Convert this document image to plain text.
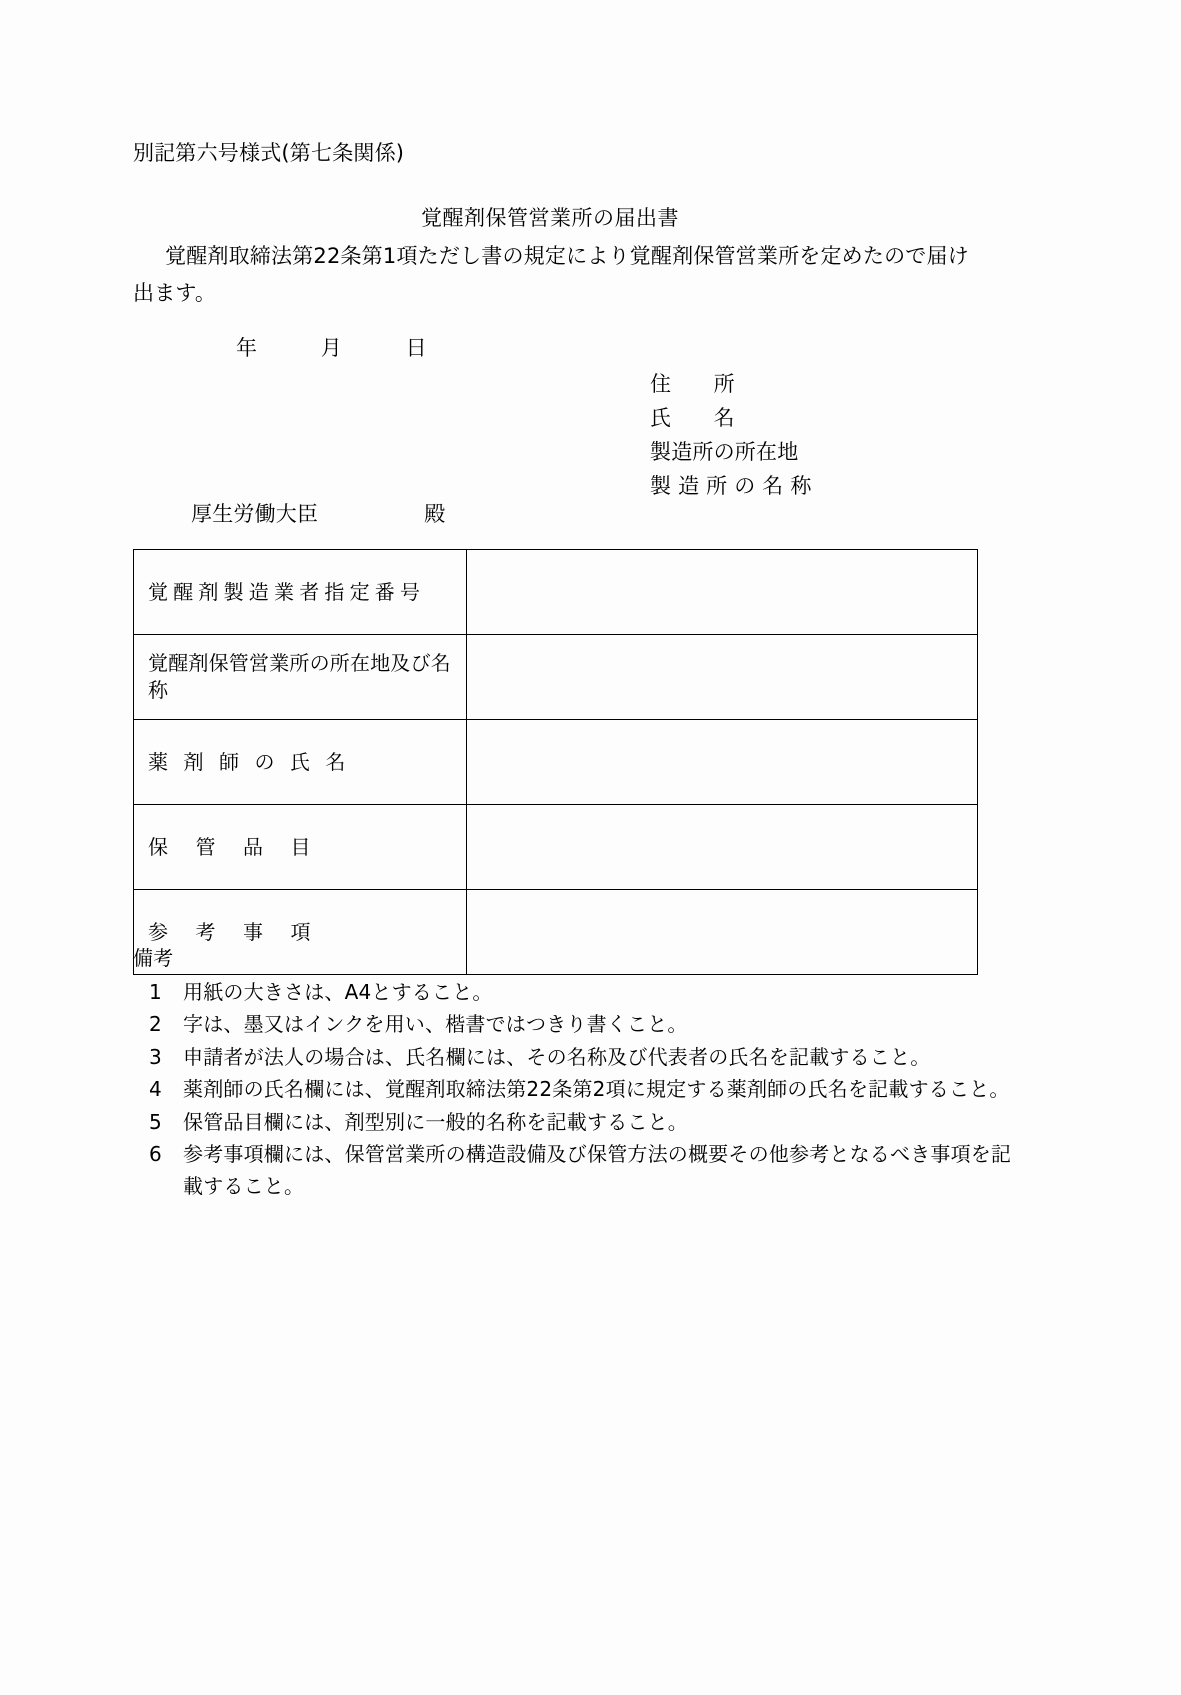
別記第六号様式(第七条関係)
覚醒剤保管営業所の届出書
覚醒剤取締法第22条第1項ただし書の規定により覚醒剤保管営業所を定めたので届け出ます。
年　　　月　　　日
住　　所
氏　　名
製造所の所在地
製 造 所 の 名 称
厚生労働大臣　　　　　殿
覚醒剤製造業者指定番号	

覚醒剤保管営業所の所在地及び名称	

薬剤師の氏名	

保管品目	

参考事項	

備考
1	用紙の大きさは、A4とすること。
2	字は、墨又はインクを用い、楷書ではつきり書くこと。
3	申請者が法人の場合は、氏名欄には、その名称及び代表者の氏名を記載すること。
4	薬剤師の氏名欄には、覚醒剤取締法第22条第2項に規定する薬剤師の氏名を記載すること。
5	保管品目欄には、剤型別に一般的名称を記載すること。
6	参考事項欄には、保管営業所の構造設備及び保管方法の概要その他参考となるべき事項を記載すること。
